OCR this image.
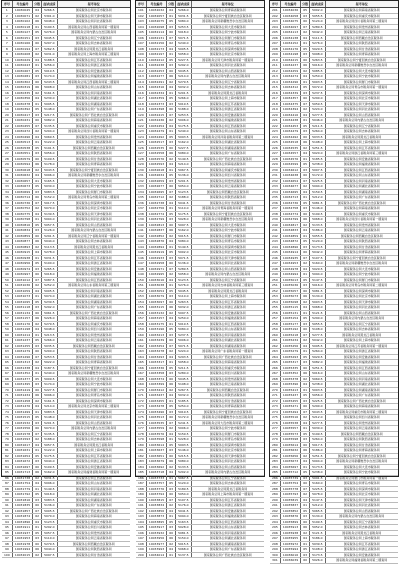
序号	考生编号	分数	面试成绩	报考单位
1	10030045	64	5266.5	国家税务总局北京市税务局
2	10030071	62	5301.0	国家税务总局天津市税务局
3	10030102	66	5048.0	国家税务总局河北省税务局
4	10030118	61	5190.5	国家税务总局山西省税务局第一稽查局
5	10030127	65	5276.0	国家税务总局内蒙古自治区税务局
6	10030151	63	5045.5	国家税务总局辽宁省税务局
7	10030166	60	5207.0	国家税务总局吉林省税务局
8	10030194	67	5262.5	国家税务总局黑龙江省税务局
9	10030208	62	5031.0	国家税务总局上海市税务局第三稽查局
10	10030229	64	5188.5	国家税务总局江苏省税务局
11	10030243	61	5256.0	国家税务总局浙江省税务局
12	10030267	65	5019.5	国家税务总局安徽省税务局
13	10030281	63	5174.0	国家税务总局福建省税务局
14	10030302	60	5243.5	国家税务总局江西省税务局第二稽查局
15	10030319	66	5008.0	国家税务总局山东省税务局
16	10030335	62	5161.5	国家税务总局河南省税务局
17	10030356	64	5230.0	国家税务总局湖北省税务局
18	10030378	61	5095.5	国家税务总局湖南省税务局
19	10030392	65	5148.0	国家税务总局广东省税务局
20	10030417	63	5217.5	国家税务总局广西壮族自治区税务局
21	10030431	60	5082.0	国家税务总局海南省税务局
22	10030455	67	5135.5	国家税务总局重庆市税务局
23	10030472	62	5204.0	国家税务总局四川省税务局第一稽查局
24	10030496	64	5069.5	国家税务总局贵州省税务局
25	10030513	61	5122.0	国家税务总局云南省税务局
26	10030538	65	5191.5	国家税务总局西藏自治区税务局
27	10030551	63	5056.0	国家税务总局陕西省税务局
28	10030579	60	5109.5	国家税务总局甘肃省税务局
29	10030594	66	5178.0	国家税务总局青海省税务局
30	10030618	62	5043.5	国家税务总局宁夏回族自治区税务局
31	10030632	64	5096.0	国家税务总局新疆维吾尔自治区税务局
32	10030657	61	5165.5	国家税务总局大连市税务局
33	10030673	65	5030.0	国家税务总局宁波市税务局
34	10030699	63	5083.5	国家税务总局厦门市税务局
35	10030714	60	5152.0	国家税务总局青岛市税务局第二稽查局
36	10030736	67	5017.5	国家税务总局深圳市税务局
37	10030752	62	5070.0	国家税务总局北京市税务局
38	10030775	64	5139.5	国家税务总局天津市税务局
39	10030798	61	5004.0	国家税务总局河北省税务局
40	10030816	65	5057.5	国家税务总局山西省税务局
41	10030834	63	5126.0	国家税务总局内蒙古自治区税务局
42	10030859	60	5291.5	国家税务总局辽宁省税务局第一稽查局
43	10030877	66	5044.0	国家税务总局吉林省税务局
44	10030893	62	5113.5	国家税务总局黑龙江省税务局
45	10030915	64	5278.0	国家税务总局上海市税务局
46	10030938	61	5031.5	国家税务总局江苏省税务局
47	10030956	65	5100.0	国家税务总局浙江省税务局
48	10030974	63	5265.5	国家税务总局安徽省税务局
49	10030997	60	5018.0	国家税务总局福建省税务局
50	10031012	67	5087.5	国家税务总局江西省税务局
51	10031036	62	5252.0	国家税务总局山东省税务局第三稽查局
52	10031059	64	5005.5	国家税务总局河南省税务局
53	10031073	61	5074.0	国家税务总局湖北省税务局
54	10031095	65	5239.5	国家税务总局湖南省税务局
55	10031118	63	5292.0	国家税务总局广东省税务局
56	10031134	60	5061.5	国家税务总局广西壮族自治区税务局
57	10031157	66	5226.0	国家税务总局海南省税务局
58	10031176	62	5279.5	国家税务总局重庆市税务局
59	10031198	64	5048.0	国家税务总局四川省税务局
60	10031214	61	5213.5	国家税务总局贵州省税务局
61	10031237	65	5266.0	国家税务总局云南省税务局
62	10031255	63	5035.5	国家税务总局西藏自治区税务局
63	10031279	60	5200.0	国家税务总局陕西省税务局
64	10031296	67	5253.5	国家税务总局甘肃省税务局
65	10031313	62	5022.0	国家税务总局青海省税务局
66	10031338	64	5187.5	国家税务总局宁夏回族自治区税务局
67	10031352	61	5240.0	国家税务总局新疆维吾尔自治区税务局
68	10031377	65	5009.5	国家税务总局大连市税务局
69	10031395	63	5174.0	国家税务总局宁波市税务局
70	10031419	60	5227.5	国家税务总局厦门市税务局
71	10031434	66	5096.0	国家税务总局青岛市税务局
72	10031458	62	5161.5	国家税务总局深圳市税务局
73	10031476	64	5214.0	国家税务总局北京市税务局第二稽查局
74	10031499	61	5083.5	国家税务总局天津市税务局
75	10031515	65	5148.0	国家税务总局河北省税务局
76	10031532	63	5201.5	国家税务总局山西省税务局
77	10031556	60	5070.0	国家税务总局内蒙古自治区税务局
78	10031578	67	5135.5	国家税务总局辽宁省税务局
79	10031593	62	5188.0	国家税务总局吉林省税务局
80	10031617	64	5057.5	国家税务总局黑龙江省税务局
81	10031631	61	5122.0	国家税务总局上海市税务局
82	10031654	65	5175.5	国家税务总局江苏省税务局
83	10031672	63	5044.0	国家税务总局浙江省税务局
84	10031697	60	5109.5	国家税务总局安徽省税务局
85	10031713	66	5162.0	国家税务总局福建省税务局第一稽查局
86	10031738	62	5031.5	国家税务总局江西省税务局
87	10031754	64	5096.0	国家税务总局山东省税务局
88	10031779	61	5149.5	国家税务总局河南省税务局
89	10031792	65	5018.0	国家税务总局湖北省税务局
90	10031816	63	5083.5	国家税务总局湖南省税务局
91	10031835	60	5136.0	国家税务总局广东省税务局
92	10031857	67	5005.5	国家税务总局广西壮族自治区税务局
93	10031874	62	5070.0	国家税务总局海南省税务局
94	10031896	64	5123.5	国家税务总局重庆市税务局
95	10031911	61	5292.0	国家税务总局四川省税务局
96	10031937	65	5057.5	国家税务总局贵州省税务局
97	10031953	63	5110.0	国家税务总局云南省税务局
98	10031978	60	5279.5	国家税务总局西藏自治区税务局
99	10031994	66	5044.0	国家税务总局陕西省税务局
100	10032015	62	5097.5	国家税务总局甘肃省税务局
序号	考生编号	分数	面试成绩	报考单位
101	10032032	64	5266.0	国家税务总局青海省税务局
102	10032057	61	5031.5	国家税务总局宁夏回族自治区税务局
103	10032075	65	5084.0	国家税务总局新疆维吾尔自治区税务局
104	10032098	63	5253.5	国家税务总局大连市税务局
105	10032114	60	5018.0	国家税务总局宁波市税务局
106	10032131	67	5071.5	国家税务总局厦门市税务局
107	10032156	62	5240.0	国家税务总局青岛市税务局
108	10032173	64	5005.5	国家税务总局深圳市税务局
109	10032197	61	5058.0	国家税务总局北京市税务局
110	10032212	65	5227.5	国家税务总局天津市税务局第一稽查局
111	10032238	63	5292.0	国家税务总局河北省税务局
112	10032253	60	5045.5	国家税务总局山西省税务局
113	10032277	66	5214.0	国家税务总局内蒙古自治区税务局
114	10032291	62	5279.5	国家税务总局辽宁省税务局
115	10032316	64	5032.0	国家税务总局吉林省税务局
116	10032334	61	5201.5	国家税务总局黑龙江省税务局
117	10032359	65	5266.0	国家税务总局上海市税务局
118	10032373	63	5019.5	国家税务总局江苏省税务局
119	10032398	60	5188.0	国家税务总局浙江省税务局
120	10032415	67	5253.5	国家税务总局安徽省税务局
121	10032436	62	5006.0	国家税务总局福建省税务局
122	10032454	64	5175.5	国家税务总局江西省税务局
123	10032479	61	5240.0	国家税务总局山东省税务局
124	10032492	65	5093.5	国家税务总局河南省税务局第二稽查局
125	10032517	63	5162.0	国家税务总局湖北省税务局
126	10032535	60	5227.5	国家税务总局湖南省税务局
127	10032558	66	5080.0	国家税务总局广东省税务局
128	10032576	62	5149.5	国家税务总局广西壮族自治区税务局
129	10032593	64	5214.0	国家税务总局海南省税务局
130	10032618	61	5067.5	国家税务总局重庆市税务局
131	10032634	65	5136.0	国家税务总局四川省税务局
132	10032659	63	5201.5	国家税务总局贵州省税务局
133	10032677	60	5054.0	国家税务总局云南省税务局
134	10032695	67	5123.5	国家税务总局西藏自治区税务局
135	10032712	62	5188.0	国家税务总局陕西省税务局
136	10032738	64	5041.5	国家税务总局甘肃省税务局
137	10032756	61	5110.0	国家税务总局青海省税务局第一稽查局
138	10032774	65	5175.5	国家税务总局宁夏回族自治区税务局
139	10032799	63	5028.0	国家税务总局新疆维吾尔自治区税务局
140	10032813	60	5097.5	国家税务总局大连市税务局
141	10032837	66	5162.0	国家税务总局宁波市税务局
142	10032852	62	5015.5	国家税务总局厦门市税务局
143	10032876	64	5084.0	国家税务总局青岛市税务局
144	10032894	61	5149.5	国家税务总局深圳市税务局
145	10032919	65	5002.0	国家税务总局北京市税务局
146	10032933	63	5071.5	国家税务总局天津市税务局
147	10032958	60	5136.0	国家税务总局河北省税务局
148	10032971	67	5289.5	国家税务总局山西省税务局
149	10032995	62	5058.0	国家税务总局内蒙古自治区税务局
150	10033016	64	5123.5	国家税务总局辽宁省税务局
151	10033038	61	5276.0	国家税务总局吉林省税务局第三稽查局
152	10033054	65	5045.5	国家税务总局黑龙江省税务局
153	10033079	63	5110.0	国家税务总局上海市税务局
154	10033097	60	5263.5	国家税务总局江苏省税务局
155	10033115	66	5032.0	国家税务总局浙江省税务局
156	10033132	62	5097.5	国家税务总局安徽省税务局
157	10033157	64	5250.0	国家税务总局福建省税务局
158	10033175	61	5019.5	国家税务总局江西省税务局
159	10033196	65	5084.0	国家税务总局山东省税务局
160	10033213	63	5237.5	国家税务总局河南省税务局
161	10033239	60	5006.0	国家税务总局湖北省税务局
162	10033254	67	5071.5	国家税务总局湖南省税务局
163	10033278	62	5224.0	国家税务总局广东省税务局第一稽查局
164	10033293	64	5293.5	国家税务总局广西壮族自治区税务局
165	10033317	61	5058.0	国家税务总局海南省税务局
166	10033336	65	5211.5	国家税务总局重庆市税务局
167	10033358	63	5280.0	国家税务总局四川省税务局
168	10033374	60	5045.5	国家税务总局贵州省税务局
169	10033399	66	5198.0	国家税务总局云南省税务局
170	10033412	62	5267.5	国家税务总局西藏自治区税务局
171	10033437	64	5032.0	国家税务总局陕西省税务局
172	10033455	61	5185.5	国家税务总局甘肃省税务局
173	10033478	65	5254.0	国家税务总局青海省税务局
174	10033496	63	5019.5	国家税务总局宁夏回族自治区税务局
175	10033513	60	5172.0	国家税务总局新疆维吾尔自治区税务局
176	10033535	67	5241.5	国家税务总局大连市税务局第二稽查局
177	10033559	62	5006.0	国家税务总局宁波市税务局
178	10033576	64	5159.5	国家税务总局厦门市税务局
179	10033598	61	5228.0	国家税务总局青岛市税务局
180	10033614	65	5093.5	国家税务总局深圳市税务局
181	10033637	63	5146.0	国家税务总局北京市税务局
182	10033651	60	5215.5	国家税务总局天津市税务局
183	10033679	66	5080.0	国家税务总局河北省税务局
184	10033692	62	5133.5	国家税务总局山西省税务局
185	10033718	64	5202.0	国家税务总局内蒙古自治区税务局
186	10033733	61	5067.5	国家税务总局辽宁省税务局
187	10033757	65	5120.0	国家税务总局吉林省税务局
188	10033776	63	5189.5	国家税务总局黑龙江省税务局
189	10033794	60	5054.0	国家税务总局上海市税务局第一稽查局
190	10033815	67	5107.5	国家税务总局江苏省税务局
191	10033834	62	5176.0	国家税务总局浙江省税务局
192	10033856	64	5041.5	国家税务总局安徽省税务局
193	10033873	61	5094.0	国家税务总局福建省税务局
194	10033895	65	5163.5	国家税务总局江西省税务局
195	10033917	63	5028.0	国家税务总局山东省税务局
196	10033932	60	5081.5	国家税务总局河南省税务局
197	10033956	66	5150.0	国家税务总局湖北省税务局
198	10033977	62	5015.5	国家税务总局湖南省税务局
199	10033993	64	5068.0	国家税务总局广东省税务局
200	10034014	61	5137.5	国家税务总局广西壮族自治区税务局
序号	考生编号	分数	面试成绩	报考单位
201	10034036	65	5002.0	国家税务总局海南省税务局
202	10034058	63	5055.5	国家税务总局重庆市税务局
203	10034075	60	5124.0	国家税务总局四川省税务局第二稽查局
204	10034097	67	5289.5	国家税务总局贵州省税务局
205	10034113	62	5042.0	国家税务总局云南省税务局
206	10034138	64	5111.5	国家税务总局西藏自治区税务局
207	10034152	61	5276.0	国家税务总局陕西省税务局
208	10034176	65	5029.5	国家税务总局甘肃省税务局
209	10034198	63	5098.0	国家税务总局青海省税务局
210	10034215	60	5263.5	国家税务总局宁夏回族自治区税务局
211	10034237	66	5016.0	国家税务总局新疆维吾尔自治区税务局
212	10034259	62	5085.5	国家税务总局大连市税务局
213	10034274	64	5250.0	国家税务总局宁波市税务局
214	10034296	61	5003.5	国家税务总局厦门市税务局
215	10034312	65	5072.0	国家税务总局青岛市税务局第一稽查局
216	10034339	63	5237.5	国家税务总局深圳市税务局
217	10034357	60	5290.0	国家税务总局北京市税务局
218	10034375	67	5059.5	国家税务总局天津市税务局
219	10034394	62	5224.0	国家税务总局河北省税务局
220	10034416	64	5277.5	国家税务总局山西省税务局
221	10034438	61	5046.0	国家税务总局内蒙古自治区税务局
222	10034453	65	5211.5	国家税务总局辽宁省税务局
223	10034479	63	5264.0	国家税务总局吉林省税务局
224	10034492	60	5033.5	国家税务总局黑龙江省税务局
225	10034518	66	5198.0	国家税务总局上海市税务局
226	10034535	62	5251.5	国家税务总局江苏省税务局
227	10034557	64	5020.0	国家税务总局浙江省税务局第三稽查局
228	10034576	61	5185.5	国家税务总局安徽省税务局
229	10034599	65	5238.0	国家税务总局福建省税务局
230	10034612	63	5007.5	国家税务总局江西省税务局
231	10034638	60	5172.0	国家税务总局山东省税务局
232	10034654	67	5225.5	国家税务总局河南省税务局
233	10034677	62	5094.0	国家税务总局湖北省税务局
234	10034695	64	5159.5	国家税务总局湖南省税务局
235	10034713	61	5212.0	国家税务总局广东省税务局
236	10034736	65	5081.5	国家税务总局广西壮族自治区税务局
237	10034758	63	5146.0	国家税务总局海南省税务局
238	10034774	60	5199.5	国家税务总局重庆市税务局
239	10034799	66	5068.0	国家税务总局四川省税务局第一稽查局
240	10034817	62	5133.5	国家税务总局贵州省税务局
241	10034833	64	5186.0	国家税务总局云南省税务局
242	10034859	61	5055.5	国家税务总局西藏自治区税务局
243	10034872	65	5120.0	国家税务总局陕西省税务局
244	10034896	63	5173.5	国家税务总局甘肃省税务局
245	10034914	60	5042.0	国家税务总局青海省税务局
246	10034935	67	5107.5	国家税务总局宁夏回族自治区税务局
247	10034953	62	5160.0	国家税务总局新疆维吾尔自治区税务局
248	10034978	64	5029.5	国家税务总局大连市税务局
249	10034994	61	5094.0	国家税务总局宁波市税务局
250	10035013	65	5147.5	国家税务总局厦门市税务局
251	10035036	63	5016.0	国家税务总局青岛市税务局第二稽查局
252	10035057	60	5081.5	国家税务总局深圳市税务局
253	10035073	66	5134.0	国家税务总局北京市税务局
254	10035098	62	5003.5	国家税务总局天津市税务局
255	10035115	64	5068.0	国家税务总局河北省税务局
256	10035131	61	5121.5	国家税务总局山西省税务局
257	10035154	65	5290.0	国家税务总局内蒙古自治区税务局
258	10035177	63	5055.5	国家税务总局辽宁省税务局
259	10035192	60	5108.0	国家税务总局吉林省税务局
260	10035218	67	5277.5	国家税务总局黑龙江省税务局
261	10035234	62	5042.0	国家税务总局上海市税务局
262	10035256	64	5095.5	国家税务总局江苏省税务局第一稽查局
263	10035279	61	5264.0	国家税务总局浙江省税务局
264	10035293	65	5029.5	国家税务总局安徽省税务局
265	10035317	63	5082.0	国家税务总局福建省税务局
266	10035335	60	5251.5	国家税务总局江西省税务局
267	10035352	66	5016.0	国家税务总局山东省税务局
268	10035378	62	5069.5	国家税务总局河南省税务局
269	10035396	64	5238.0	国家税务总局湖北省税务局
270	10035413	61	5003.5	国家税务总局湖南省税务局
271	10035437	65	5056.0	国家税务总局广东省税务局
272	10035455	63	5225.5	国家税务总局广西壮族自治区税务局
273	10035471	60	5290.0	国家税务总局海南省税务局
274	10035494	67	5043.5	国家税务总局重庆市税务局第二稽查局
275	10035516	62	5212.0	国家税务总局四川省税务局
276	10035538	64	5277.5	国家税务总局贵州省税务局
277	10035557	61	5030.0	国家税务总局云南省税务局
278	10035573	65	5199.5	国家税务总局西藏自治区税务局
279	10035598	63	5264.0	国家税务总局陕西省税务局
280	10035614	60	5017.5	国家税务总局甘肃省税务局
281	10035632	66	5186.0	国家税务总局青海省税务局
282	10035656	62	5251.5	国家税务总局宁夏回族自治区税务局
283	10035673	64	5004.0	国家税务总局新疆维吾尔自治区税务局
284	10035697	61	5173.5	国家税务总局大连市税务局
285	10035712	65	5238.0	国家税务总局宁波市税务局
286	10035739	63	5091.5	国家税务总局厦门市税务局第一稽查局
287	10035754	60	5160.0	国家税务总局青岛市税务局
288	10035778	67	5225.5	国家税务总局深圳市税务局
289	10035793	62	5078.0	国家税务总局北京市税务局
290	10035815	64	5147.5	国家税务总局天津市税务局
291	10035837	61	5212.0	国家税务总局河北省税务局
292	10035852	65	5065.5	国家税务总局山西省税务局
293	10035876	63	5134.0	国家税务总局内蒙古自治区税务局
294	10035899	60	5199.5	国家税务总局辽宁省税务局
295	10035913	66	5052.0	国家税务总局吉林省税务局
296	10035938	62	5121.5	国家税务总局黑龙江省税务局
297	10035955	64	5186.0	国家税务总局上海市税务局
298	10035972	61	5039.5	国家税务总局江苏省税务局
299	10035994	65	5108.0	国家税务总局浙江省税务局
300	10036016	63	5173.5	国家税务总局安徽省税务局
301	10036039	60	5026.0	国家税务总局福建省税务局第二稽查局
